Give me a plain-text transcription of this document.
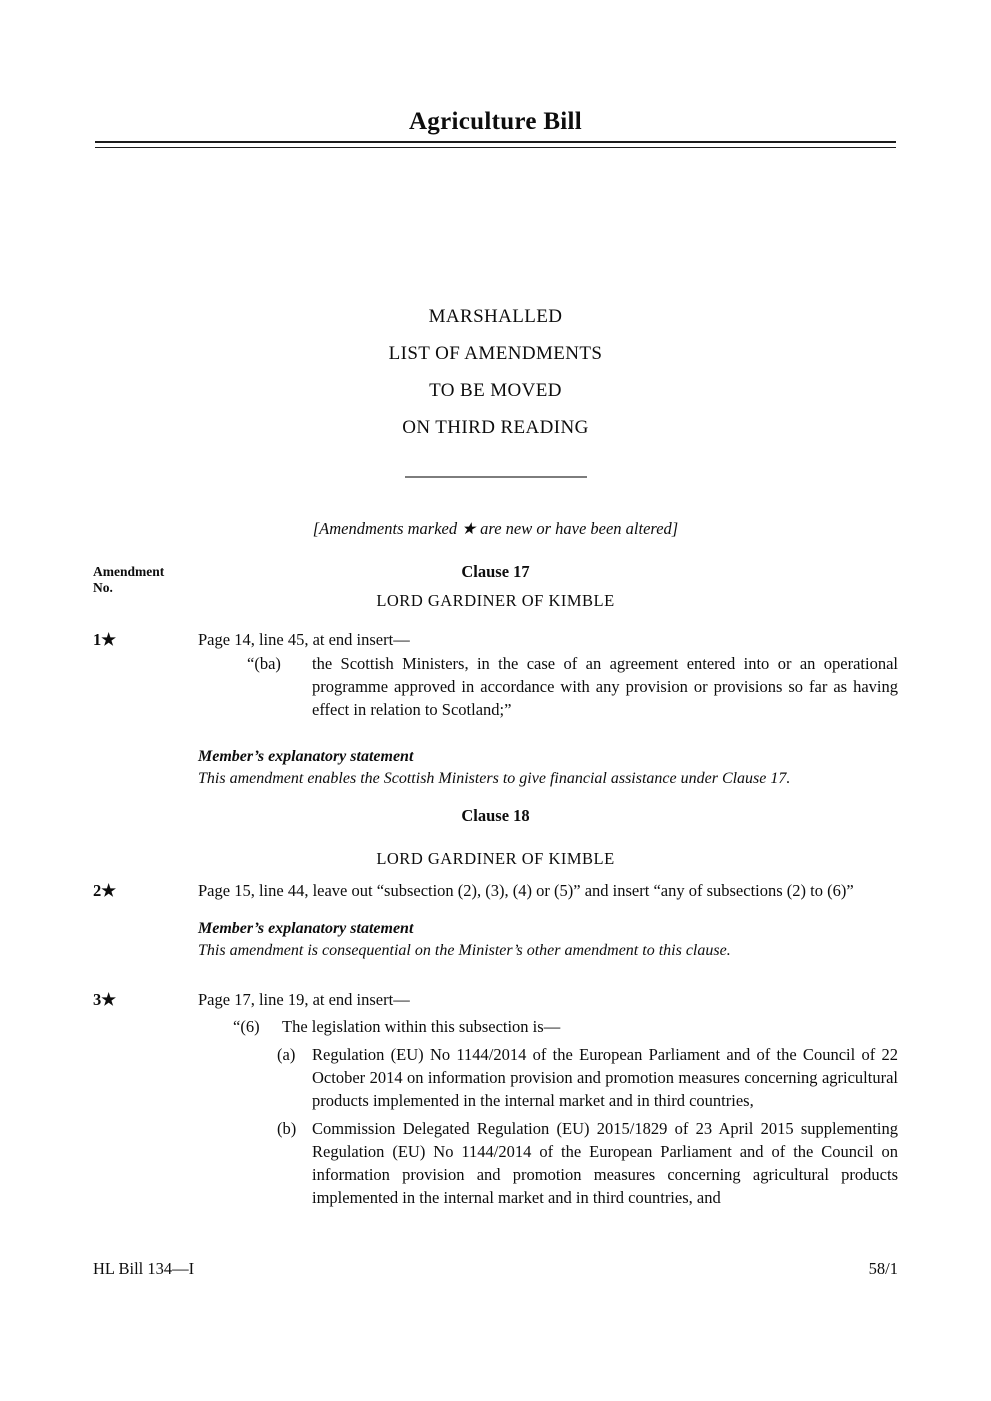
Agriculture Bill
MARSHALLED
LIST OF AMENDMENTS
TO BE MOVED
ON THIRD READING
[Amendments marked ★ are new or have been altered]
Amendment
No.
Clause 17
LORD GARDINER OF KIMBLE
1★	Page 14, line 45, at end insert—

“(ba)	the Scottish Ministers, in the case of an agreement entered into or an operational programme approved in accordance with any provision or provisions so far as having effect in relation to Scotland;”

Member’s explanatory statement

This amendment enables the Scottish Ministers to give financial assistance under Clause 17.

Clause 18
LORD GARDINER OF KIMBLE
2★	Page 15, line 44, leave out “subsection (2), (3), (4) or (5)” and insert “any of subsections (2) to (6)”

Member’s explanatory statement

This amendment is consequential on the Minister’s other amendment to this clause.

3★	Page 17, line 19, at end insert—

“(6)	The legislation within this subsection is—

(a)	Regulation (EU) No 1144/2014 of the European Parliament and of the Council of 22 October 2014 on information provision and promotion measures concerning agricultural products implemented in the internal market and in third countries,

(b) Commission Delegated Regulation (EU) 2015/1829 of 23 April 2015 supplementing Regulation (EU) No 1144/2014 of the European Parliament and of the Council on information provision and promotion measures concerning agricultural products implemented in the internal market and in third countries, and

HL Bill 134—I	58/1
